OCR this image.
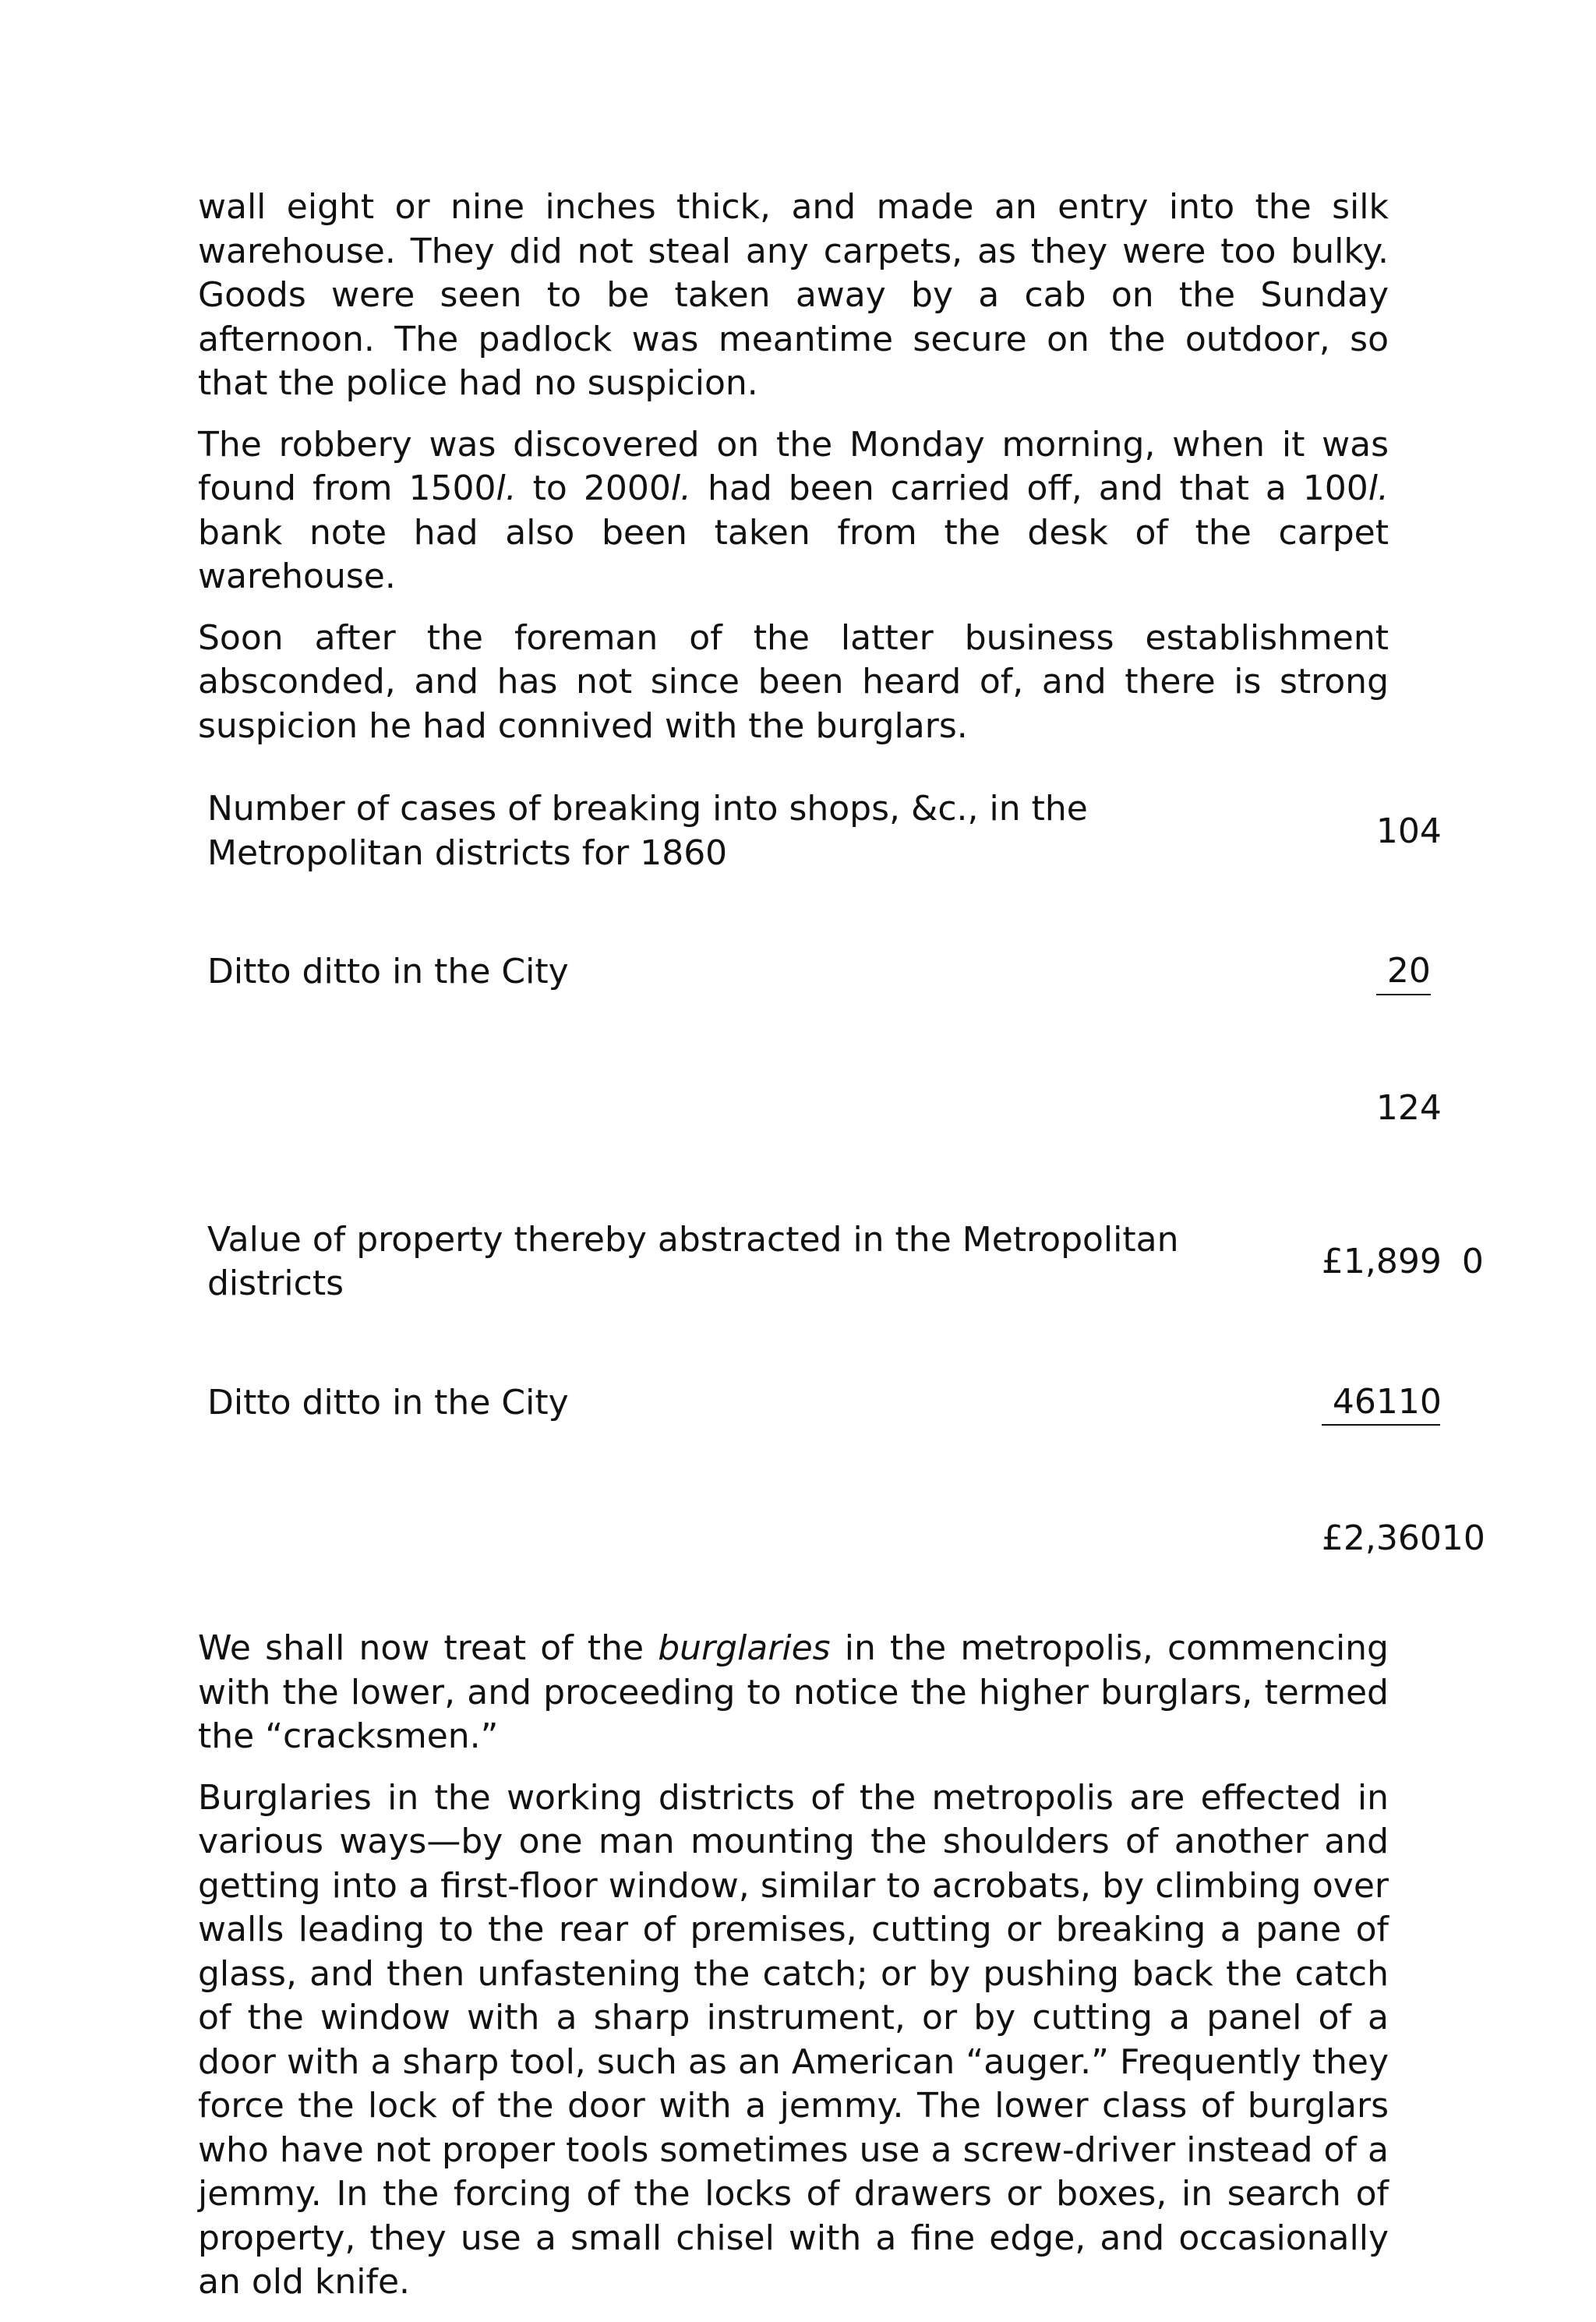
wall eight or nine inches thick, and made an entry into the silk warehouse. They did not steal any carpets, as they were too bulky. Goods were seen to be taken away by a cab on the Sunday afternoon. The padlock was meantime secure on the outdoor, so that the police had no suspicion.

The robbery was discovered on the Monday morning, when it was found from 1500l. to 2000l. had been carried off, and that a 100l. bank note had also been taken from the desk of the carpet warehouse.

Soon after the foreman of the latter business establishment absconded, and has not since been heard of, and there is strong suspicion he had connived with the burglars.

Number of cases of breaking into shops, &c., in the Metropolitan districts for 1860

104

Ditto ditto in the City	20

124

Value of property thereby abstracted in the Metropolitan districts

£1,899 0

Ditto ditto in the City

	461 10

£2,360 10

We shall now treat of the burglaries in the metropolis, commencing with the lower, and proceeding to notice the higher burglars, termed the “cracksmen.”

Burglaries in the working districts of the metropolis are effected in various ways—by one man mounting the shoulders of another and getting into a first-floor window, similar to acrobats, by climbing over walls leading to the rear of premises, cutting or breaking a pane of glass, and then unfastening the catch; or by pushing back the catch of the window with a sharp instrument, or by cutting a panel of a door with a sharp tool, such as an American “auger.” Frequently they force the lock of the door with a jemmy. The lower class of burglars who have not proper tools sometimes use a screw-driver instead of a jemmy. In the forcing of the locks of drawers or boxes, in search of property, they use a small chisel with a fine edge, and occasionally an old knife.
